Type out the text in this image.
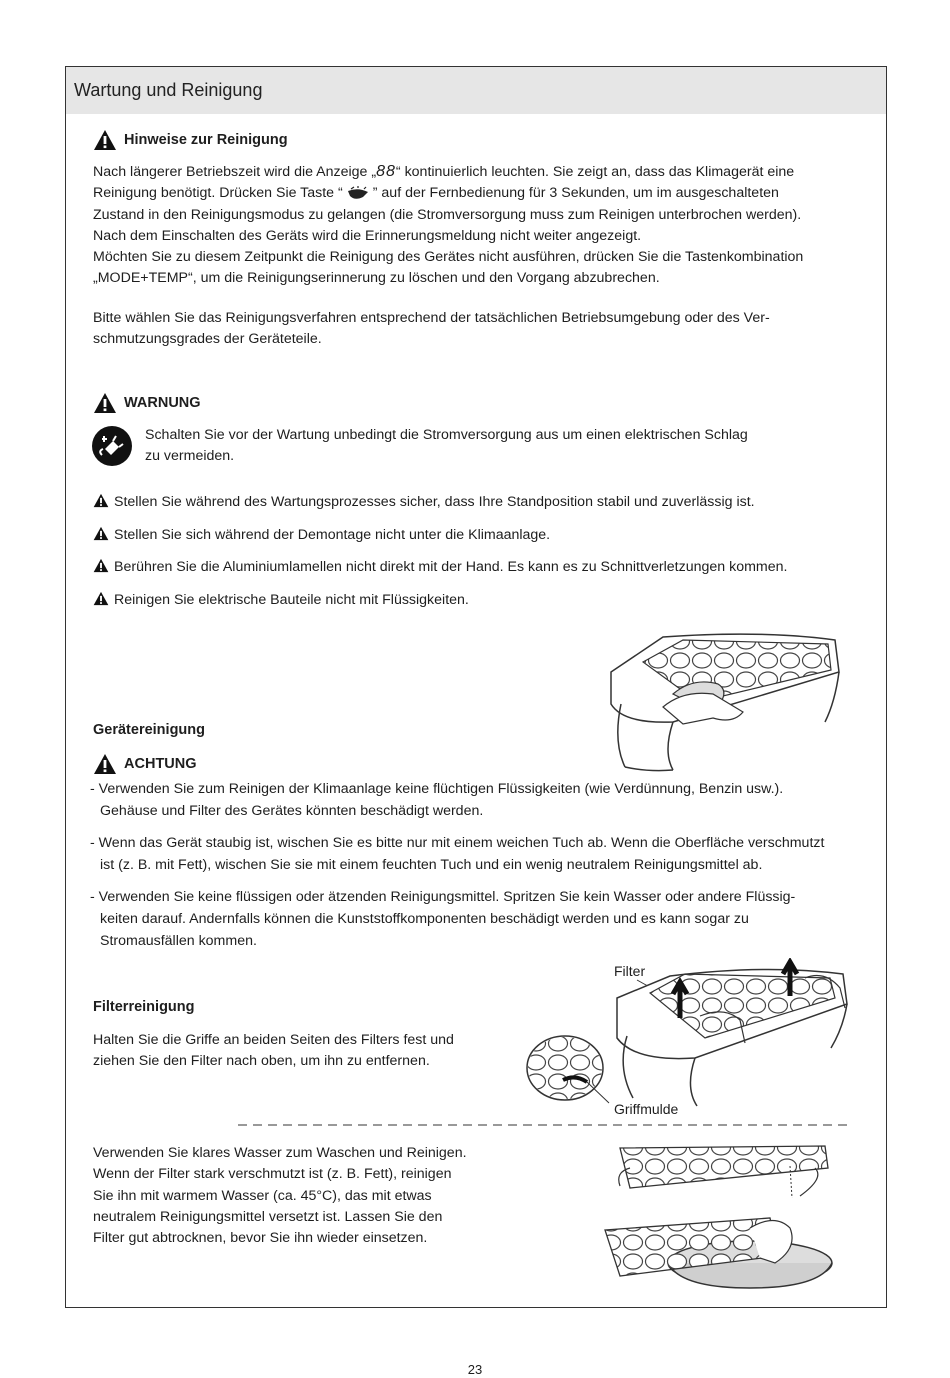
Wartung und Reinigung
Hinweise zur Reinigung
Nach längerer Betriebszeit wird die Anzeige „88“ kontinuierlich leuchten. Sie zeigt an, dass das Klimagerät eine
Reinigung benötigt. Drücken Sie Taste “ ” auf der Fernbedienung für 3 Sekunden, um im ausgeschalteten
Zustand in den Reinigungsmodus zu gelangen (die Stromversorgung muss zum Reinigen unterbrochen werden).
Nach dem Einschalten des Geräts wird die Erinnerungsmeldung nicht weiter angezeigt.
Möchten Sie zu diesem Zeitpunkt die Reinigung des Gerätes nicht ausführen, drücken Sie die Tastenkombination
„MODE+TEMP“, um die Reinigungserinnerung zu löschen und den Vorgang abzubrechen.
Bitte wählen Sie das Reinigungsverfahren entsprechend der tatsächlichen Betriebsumgebung oder des Ver-
schmutzungsgrades der Geräteteile.
WARNUNG
Schalten Sie vor der Wartung unbedingt die Stromversorgung aus um einen elektrischen Schlag
zu vermeiden.
Stellen Sie während des Wartungsprozesses sicher, dass Ihre Standposition stabil und zuverlässig ist.
Stellen Sie sich während der Demontage nicht unter die Klimaanlage.
Berühren Sie die Aluminiumlamellen nicht direkt mit der Hand. Es kann es zu Schnittverletzungen kommen.
Reinigen Sie elektrische Bauteile nicht mit Flüssigkeiten.
Gerätereinigung
ACHTUNG
- Verwenden Sie zum Reinigen der Klimaanlage keine flüchtigen Flüssigkeiten (wie Verdünnung, Benzin usw.).
Gehäuse und Filter des Gerätes könnten beschädigt werden.
- Wenn das Gerät staubig ist, wischen Sie es bitte nur mit einem weichen Tuch ab. Wenn die Oberfläche verschmutzt
ist (z. B. mit Fett), wischen Sie sie mit einem feuchten Tuch und ein wenig neutralem Reinigungsmittel ab.
- Verwenden Sie keine flüssigen oder ätzenden Reinigungsmittel. Spritzen Sie kein Wasser oder andere Flüssig-
keiten darauf. Andernfalls können die Kunststoffkomponenten beschädigt werden und es kann sogar zu
Stromausfällen kommen.
Filterreinigung
Halten Sie die Griffe an beiden Seiten des Filters fest und
ziehen Sie den Filter nach oben, um ihn zu entfernen.
Filter
Griffmulde
Verwenden Sie klares Wasser zum Waschen und Reinigen.
Wenn der Filter stark verschmutzt ist (z. B. Fett), reinigen
Sie ihn mit warmem Wasser (ca. 45°C), das mit etwas
neutralem Reinigungsmittel versetzt ist. Lassen Sie den
Filter gut abtrocknen, bevor Sie ihn wieder einsetzen.
23
